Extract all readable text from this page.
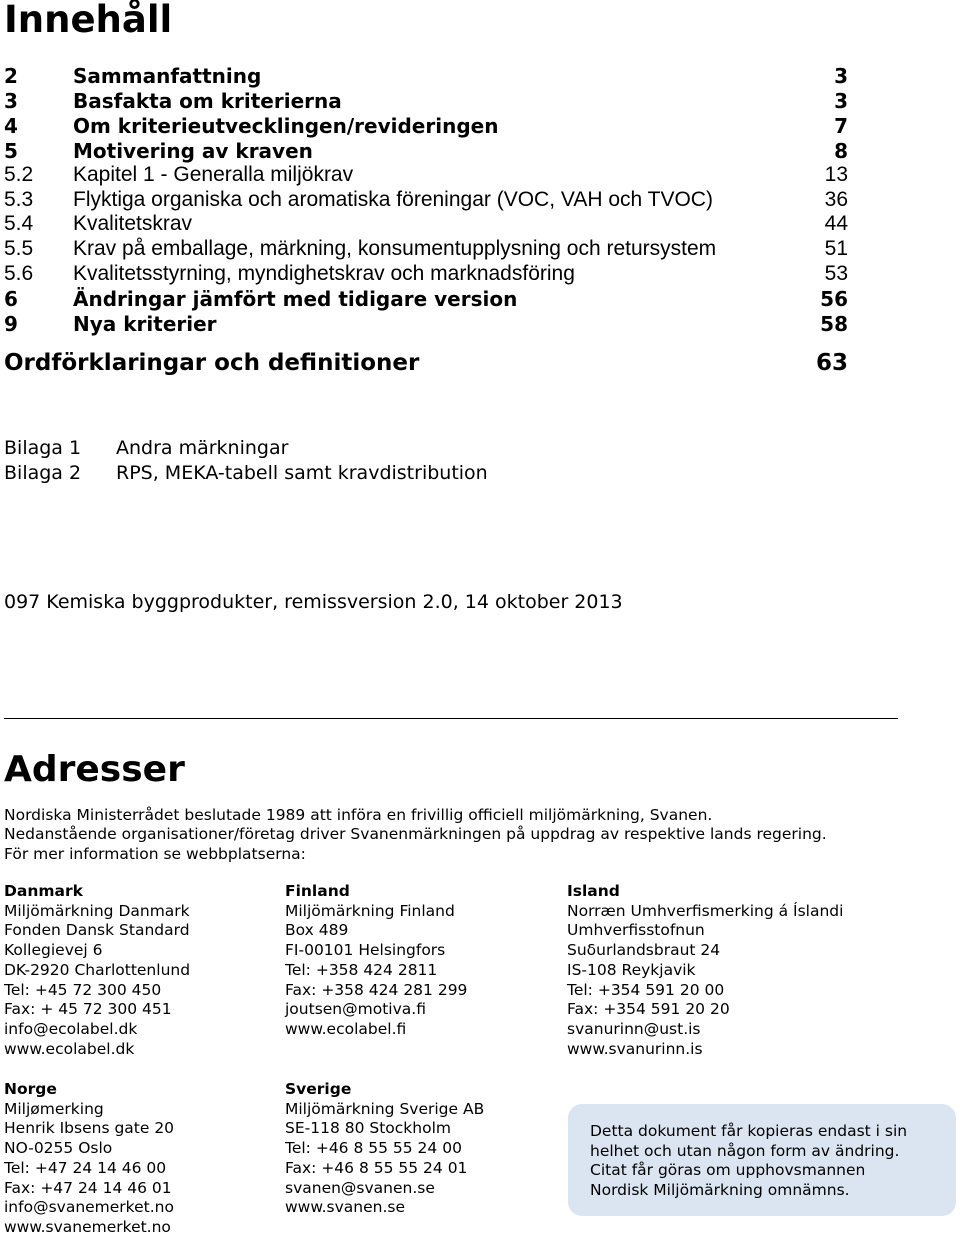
Innehåll
2	Sammanfattning	3
3	Basfakta om kriterierna	3
4	Om kriterieutvecklingen/revideringen	7
5	Motivering av kraven	8
5.2 Kapitel 1 - Generalla miljökrav	13
5.3 Flyktiga organiska och aromatiska föreningar (VOC, VAH och TVOC)	36
5.4 Kvalitetskrav	44
5.5 Krav på emballage, märkning, konsumentupplysning och retursystem	51
5.6 Kvalitetsstyrning, myndighetskrav och marknadsföring	53
6	Ändringar jämfört med tidigare version	56
9	Nya kriterier	58
Ordförklaringar och definitioner	63
Bilaga 1 Andra märkningar
Bilaga 2 RPS, MEKA-tabell samt kravdistribution
097 Kemiska byggprodukter, remissversion 2.0, 14 oktober 2013
Adresser
Nordiska Ministerrådet beslutade 1989 att införa en frivillig officiell miljömärkning, Svanen.
Nedanstående organisationer/företag driver Svanenmärkningen på uppdrag av respektive lands regering.
För mer information se webbplatserna:
Danmark
Miljömärkning Danmark
Fonden Dansk Standard
Kollegievej 6
DK-2920 Charlottenlund
Tel: +45 72 300 450
Fax: + 45 72 300 451
info@ecolabel.dk
www.ecolabel.dk
Finland
Miljömärkning Finland
Box 489
FI-00101 Helsingfors
Tel: +358 424 2811
Fax: +358 424 281 299
joutsen@motiva.fi
www.ecolabel.fi
Island
Norræn Umhverfismerking á Íslandi
Umhverfisstofnun
Suδurlandsbraut 24
IS-108 Reykjavik
Tel: +354 591 20 00
Fax: +354 591 20 20
svanurinn@ust.is
www.svanurinn.is
Norge
Miljømerking
Henrik Ibsens gate 20
NO-0255 Oslo
Tel: +47 24 14 46 00
Fax: +47 24 14 46 01
info@svanemerket.no
www.svanemerket.no
Sverige
Miljömärkning Sverige AB
SE-118 80 Stockholm
Tel: +46 8 55 55 24 00
Fax: +46 8 55 55 24 01
svanen@svanen.se
www.svanen.se
Detta dokument får kopieras endast i sin
helhet och utan någon form av ändring.
Citat får göras om upphovsmannen
Nordisk Miljömärkning omnämns.
